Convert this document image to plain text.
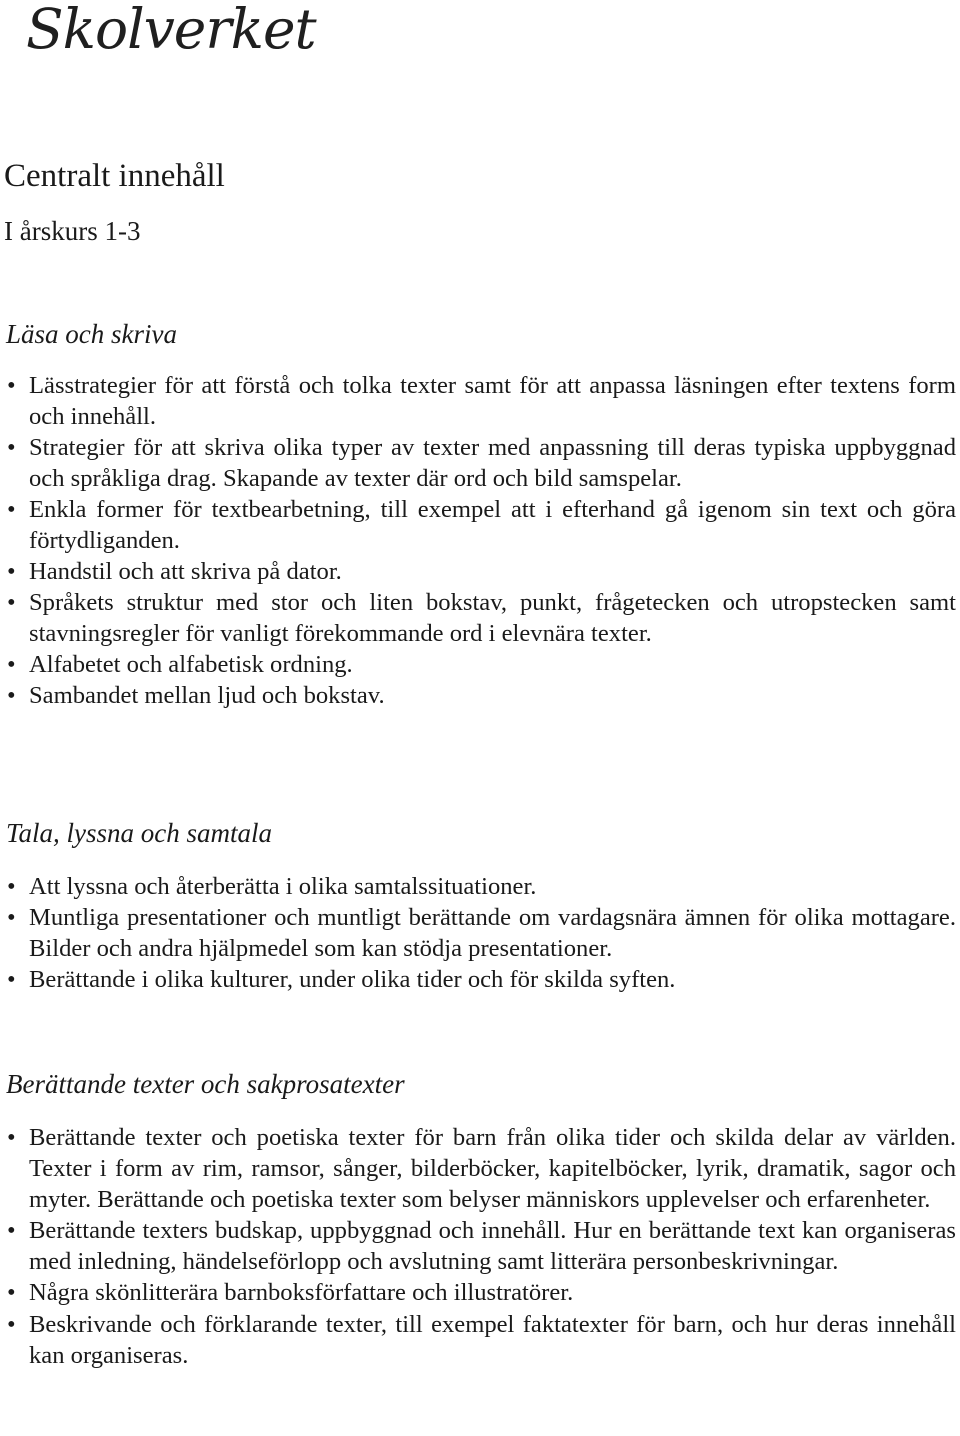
Skolverket
Centralt innehåll

I årskurs 1-3

Läsa och skriva
• Lässtrategier för att förstå och tolka texter samt för att anpassa läsningen efter textens form och innehåll.
• Strategier för att skriva olika typer av texter med anpassning till deras typiska uppbyggnad och språkliga drag. Skapande av texter där ord och bild samspelar.
• Enkla former för textbearbetning, till exempel att i efterhand gå igenom sin text och göra förtydliganden.
• Handstil och att skriva på dator.
• Språkets struktur med stor och liten bokstav, punkt, frågetecken och utropstecken samt stavningsregler för vanligt förekommande ord i elevnära texter.
• Alfabetet och alfabetisk ordning.
• Sambandet mellan ljud och bokstav.
Tala, lyssna och samtala
• Att lyssna och återberätta i olika samtalssituationer.
• Muntliga presentationer och muntligt berättande om vardagsnära ämnen för olika mottagare. Bilder och andra hjälpmedel som kan stödja presentationer.
• Berättande i olika kulturer, under olika tider och för skilda syften.
Berättande texter och sakprosatexter
• Berättande texter och poetiska texter för barn från olika tider och skilda delar av världen. Texter i form av rim, ramsor, sånger, bilderböcker, kapitelböcker, lyrik, dramatik, sagor och myter. Berättande och poetiska texter som belyser människors upplevelser och erfarenheter.
• Berättande texters budskap, uppbyggnad och innehåll. Hur en berättande text kan organiseras med inledning, händelseförlopp och avslutning samt litterära personbeskrivningar.
• Några skönlitterära barnboksförfattare och illustratörer.
• Beskrivande och förklarande texter, till exempel faktatexter för barn, och hur deras innehåll kan organiseras.
